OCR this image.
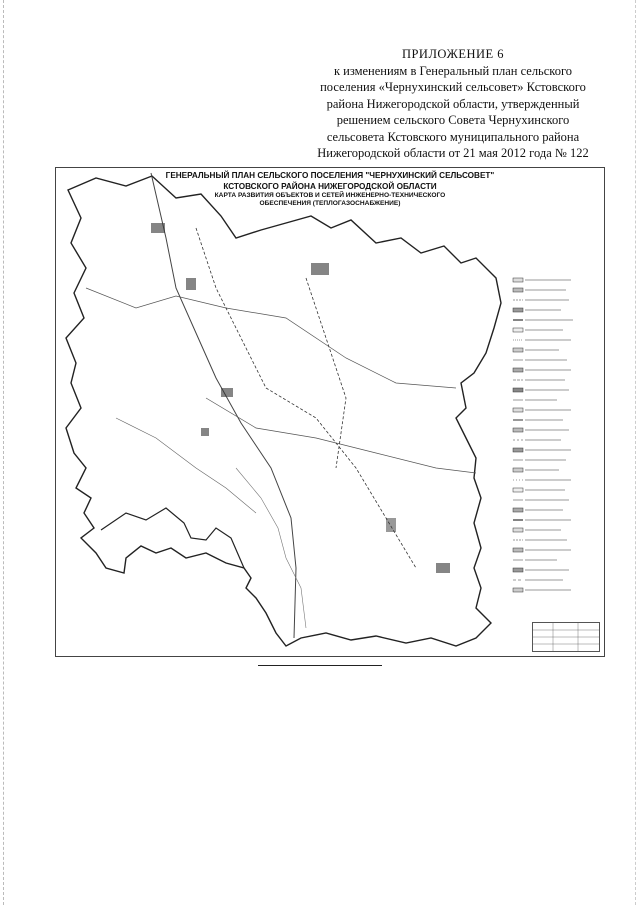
ПРИЛОЖЕНИЕ 6
к изменениям в Генеральный план сельского
поселения «Чернухинский сельсовет» Кстовского
района Нижегородской области, утвержденный
решением сельского Совета Чернухинского
сельсовета Кстовского муниципального района
Нижегородской области от 21 мая 2012 года № 122
ГЕНЕРАЛЬНЫЙ ПЛАН СЕЛЬСКОГО ПОСЕЛЕНИЯ "ЧЕРНУХИНСКИЙ СЕЛЬСОВЕТ"
КСТОВСКОГО РАЙОНА НИЖЕГОРОДСКОЙ ОБЛАСТИ
КАРТА РАЗВИТИЯ ОБЪЕКТОВ И СЕТЕЙ ИНЖЕНЕРНО-ТЕХНИЧЕСКОГО
ОБЕСПЕЧЕНИЯ (ТЕПЛОГАЗОСНАБЖЕНИЕ)
